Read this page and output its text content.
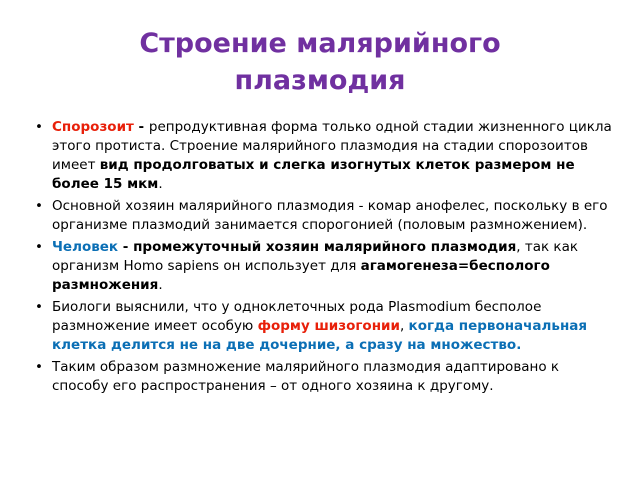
Строение малярийного
плазмодия
• Спорозоит - репродуктивная форма только одной стадии жизненного цикла этого протиста. Строение малярийного плазмодия на стадии спорозоитов имеет вид продолговатых и слегка изогнутых клеток размером не более 15 мкм.
• Основной хозяин малярийного плазмодия - комар анофелес, поскольку в его организме плазмодий занимается спорогонией (половым размножением).
• Человек - промежуточный хозяин малярийного плазмодия, так как организм Homo sapiens он использует для агамогенеза=бесполого размножения.
• Биологи выяснили, что у одноклеточных рода Plasmodium бесполое размножение имеет особую форму шизогонии, когда первоначальная клетка делится не на две дочерние, а сразу на множество.
• Таким образом размножение малярийного плазмодия адаптировано к способу его распространения – от одного хозяина к другому.
